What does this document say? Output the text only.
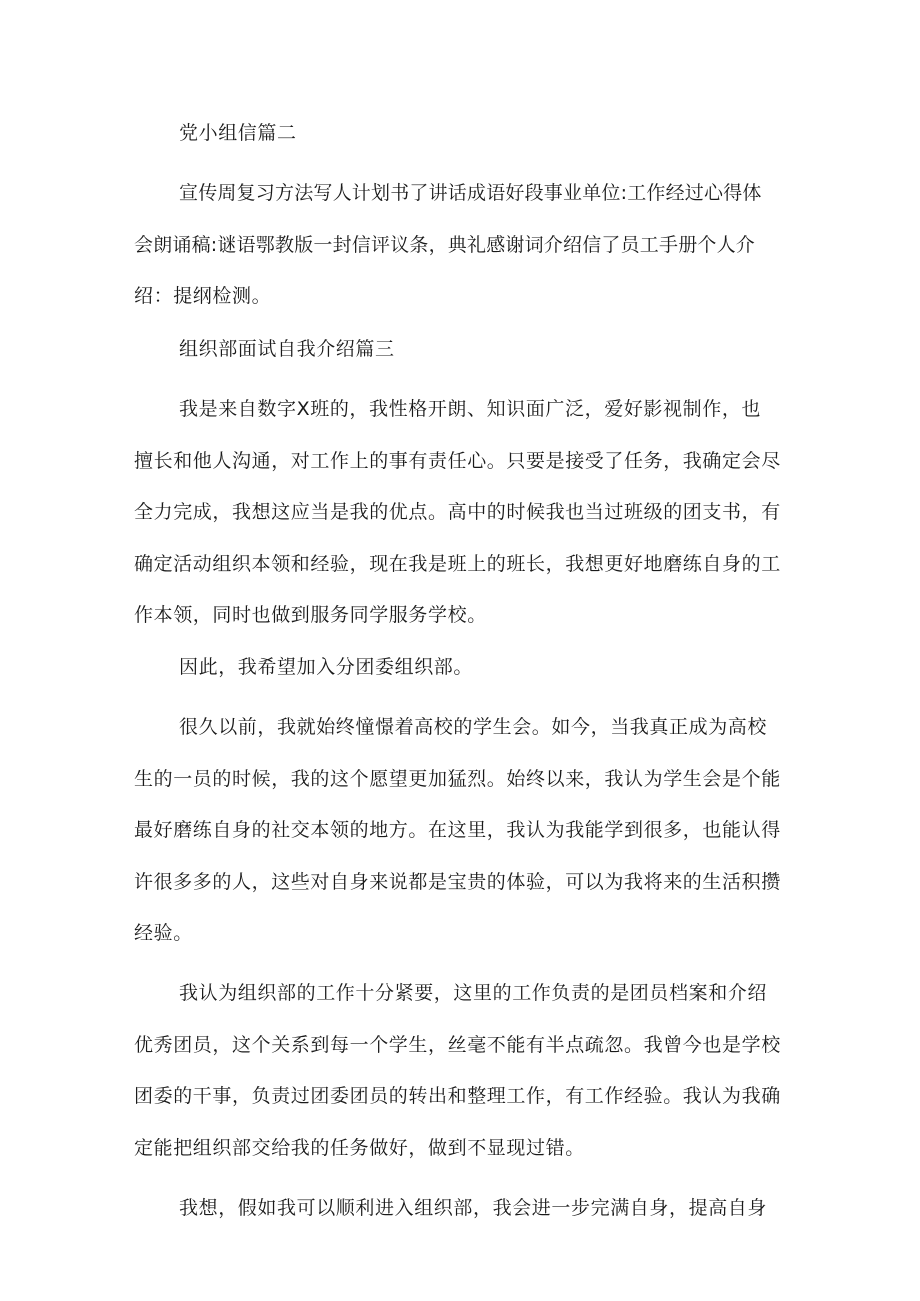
党小组信篇二
宣传周复习方法写人计划书了讲话成语好段事业单位:工作经过心得体
会朗诵稿:谜语鄂教版一封信评议条，典礼感谢词介绍信了员工手册个人介
绍：提纲检测。
组织部面试自我介绍篇三
我是来自数字X班的，我性格开朗、知识面广泛，爱好影视制作，也
擅长和他人沟通，对工作上的事有责任心。只要是接受了任务，我确定会尽
全力完成，我想这应当是我的优点。高中的时候我也当过班级的团支书，有
确定活动组织本领和经验，现在我是班上的班长，我想更好地磨练自身的工
作本领，同时也做到服务同学服务学校。
因此，我希望加入分团委组织部。
很久以前，我就始终憧憬着高校的学生会。如今，当我真正成为高校
生的一员的时候，我的这个愿望更加猛烈。始终以来，我认为学生会是个能
最好磨练自身的社交本领的地方。在这里，我认为我能学到很多，也能认得
许很多多的人，这些对自身来说都是宝贵的体验，可以为我将来的生活积攒
经验。
我认为组织部的工作十分紧要，这里的工作负责的是团员档案和介绍
优秀团员，这个关系到每一个学生，丝毫不能有半点疏忽。我曾今也是学校
团委的干事，负责过团委团员的转出和整理工作，有工作经验。我认为我确
定能把组织部交给我的任务做好，做到不显现过错。
我想，假如我可以顺利进入组织部，我会进一步完满自身，提高自身
